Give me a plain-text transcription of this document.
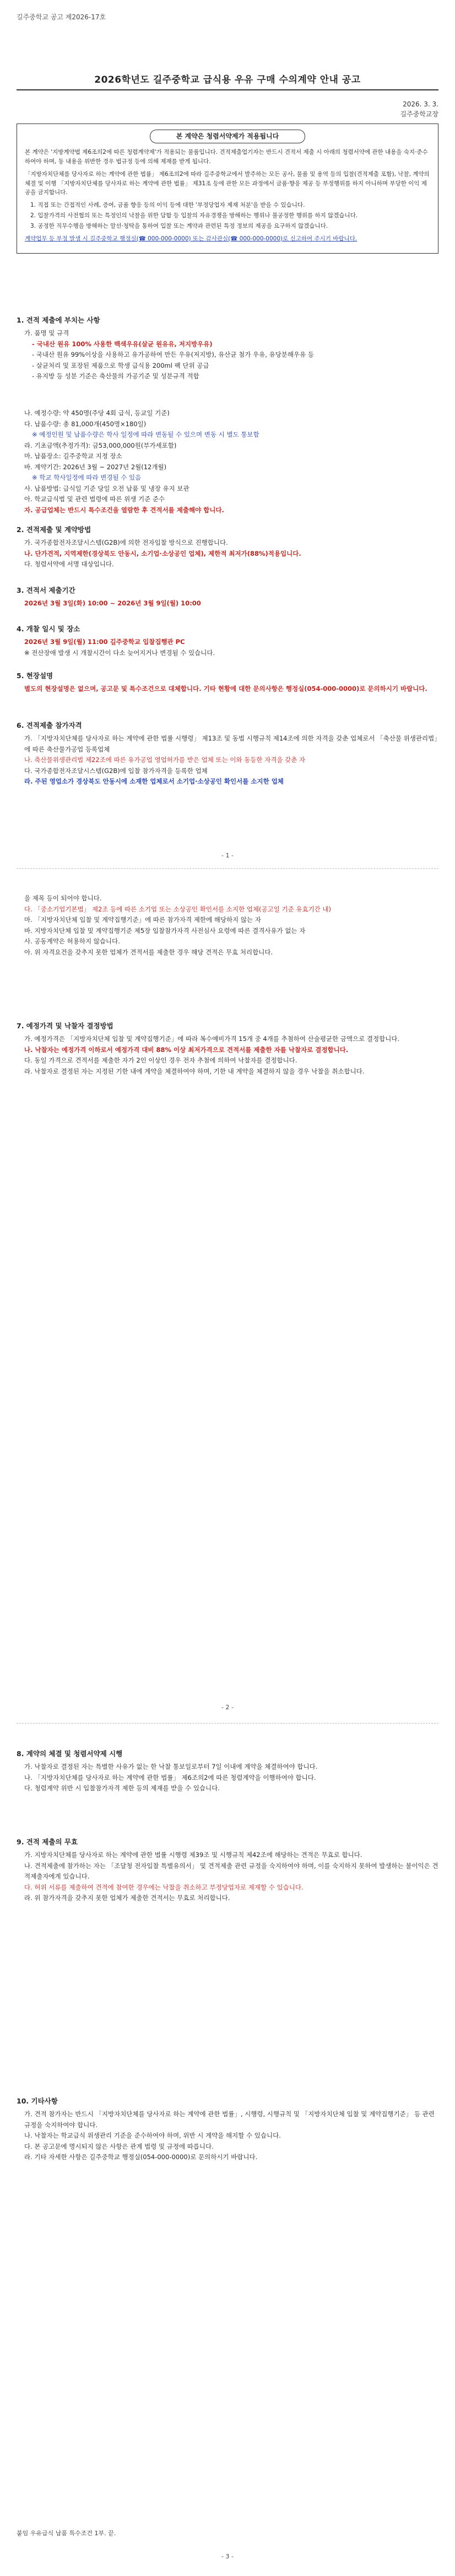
길주중학교 공고 제2026-17호
2026학년도 길주중학교 급식용 우유 구매 수의계약 안내 공고
2026. 3. 3.
길주중학교장
본 계약은 청렴서약제가 적용됩니다

본 계약은 '지방계약법 제6조의2에 따른 청렴계약제'가 적용되는 물품입니다. 견적제출업기자는 반드시 견적서 제출 시 아래의 청렴서약에 관한 내용을 숙지·준수하여야 하며, 동 내용을 위반한 경우 법규정 등에 의해 제재를 받게 됩니다.

「지방자치단체를 당사자로 하는 계약에 관한 법률」 제6조의2에 따라 길주중학교에서 발주하는 모든 공사, 물품 및 용역 등의 입찰(견적제출 포함), 낙찰, 계약의 체결 및 이행 「지방자치단체를 당사자로 하는 계약에 관한 법률」 제31조 등에 관한 모든 과정에서 금품·향응 제공 등 부정행위를 하지 아니하며 부당한 이익 제공을 금지합니다.

1. 직접 또는 간접적인 사례, 증여, 금품 향응 등의 이익 등에 대한 '부정당업자 제재 처분'을 받을 수 있습니다.
2. 입찰가격의 사전협의 또는 특정인의 낙찰을 위한 담합 등 입찰의 자유경쟁을 방해하는 행위나 불공정한 행위를 하지 않겠습니다.
3. 공정한 직무수행을 방해하는 알선·청탁을 통하여 입찰 또는 계약과 관련된 특정 정보의 제공을 요구하지 않겠습니다.

계약업무 등 부정 발생 시 길주중학교 행정실(☎ 000-000-0000) 또는 감사관실(☎ 000-000-0000)로 신고하여 주시기 바랍니다.

1. 견적 제출에 부치는 사항
가. 품명 및 규격
- 국내산 원유 100% 사용한 백색우유(살균 원유유, 저지방우유)
- 국내산 원유 99%이상을 사용하고 유가공하여 만든 우유(저지방), 유산균 첨가 우유, 유당분해우유 등
- 살균처리 및 포장된 제품으로 학생 급식용 200ml 팩 단위 공급
- 유지방 등 성분 기준은 축산물의 가공기준 및 성분규격 적합
나. 예정수량: 약 450명(주당 4회 급식, 등교일 기준)
다. 납품수량: 총 81,000개(450명×180일)
※ 예정인원 및 납품수량은 학사 일정에 따라 변동될 수 있으며 변동 시 별도 통보함
라. 기초금액(추정가격): 금53,000,000원(부가세포함)
마. 납품장소: 길주중학교 지정 장소
바. 계약기간: 2026년 3월 ~ 2027년 2월(12개월)
※ 학교 학사일정에 따라 변경될 수 있음
사. 납품방법: 급식일 기준 당일 오전 납품 및 냉장 유지 보관
아. 학교급식법 및 관련 법령에 따른 위생 기준 준수
자. 공급업체는 반드시 특수조건을 열람한 후 견적서를 제출해야 합니다.
2. 견적제출 및 계약방법
가. 국가종합전자조달시스템(G2B)에 의한 전자입찰 방식으로 진행합니다.
나. 단가견적, 지역제한(경상북도 안동시, 소기업·소상공인 업체), 제한적 최저가(88%)적용입니다.
다. 청렴서약에 서명 대상입니다.
3. 견적서 제출기간
2026년 3월 3일(화) 10:00 ~ 2026년 3월 9일(월) 10:00
4. 개찰 일시 및 장소
2026년 3월 9일(월) 11:00 길주중학교 입찰집행관 PC
※ 전산장애 발생 시 개찰시간이 다소 늦어지거나 변경될 수 있습니다.
5. 현장설명
별도의 현장설명은 없으며, 공고문 및 특수조건으로 대체합니다. 기타 현황에 대한 문의사항은 행정실(054-000-0000)로 문의하시기 바랍니다.
6. 견적제출 참가자격
가. 「지방자치단체를 당사자로 하는 계약에 관한 법률 시행령」 제13조 및 동법 시행규칙 제14조에 의한 자격을 갖춘 업체로서 「축산물 위생관리법」에 따른 축산물가공업 등록업체
나. 축산물위생관리법 제22조에 따른 유가공업 영업허가를 받은 업체 또는 이와 동등한 자격을 갖춘 자
다. 국가종합전자조달시스템(G2B)에 입찰 참가자격을 등록한 업체
라. 주된 영업소가 경상북도 안동시에 소재한 업체로서 소기업·소상공인 확인서를 소지한 업체
- 1 -
을 제목 등이 되어야 합니다.
다. 「중소기업기본법」 제2조 등에 따른 소기업 또는 소상공인 확인서를 소지한 업체(공고일 기준 유효기간 내)
마. 「지방자치단체 입찰 및 계약집행기준」에 따른 참가자격 제한에 해당하지 않는 자
바. 지방자치단체 입찰 및 계약집행기준 제5장 입찰참가자격 사전심사 요령에 따른 결격사유가 없는 자
사. 공동계약은 허용하지 않습니다.
아. 위 자격요건을 갖추지 못한 업체가 견적서를 제출한 경우 해당 견적은 무효 처리합니다.
7. 예정가격 및 낙찰자 결정방법
가. 예정가격은 「지방자치단체 입찰 및 계약집행기준」에 따라 복수예비가격 15개 중 4개를 추첨하여 산술평균한 금액으로 결정합니다.
나. 낙찰자는 예정가격 이하로서 예정가격 대비 88% 이상 최저가격으로 견적서를 제출한 자를 낙찰자로 결정합니다.
다. 동일 가격으로 견적서를 제출한 자가 2인 이상인 경우 전자 추첨에 의하여 낙찰자를 결정합니다.
라. 낙찰자로 결정된 자는 지정된 기한 내에 계약을 체결하여야 하며, 기한 내 계약을 체결하지 않을 경우 낙찰을 취소합니다.
- 2 -
8. 계약의 체결 및 청렴서약제 시행
가. 낙찰자로 결정된 자는 특별한 사유가 없는 한 낙찰 통보일로부터 7일 이내에 계약을 체결하여야 합니다.
나. 「지방자치단체를 당사자로 하는 계약에 관한 법률」 제6조의2에 따른 청렴계약을 이행하여야 합니다.
다. 청렴계약 위반 시 입찰참가자격 제한 등의 제재를 받을 수 있습니다.
9. 견적 제출의 무효
가. 지방자치단체를 당사자로 하는 계약에 관한 법률 시행령 제39조 및 시행규칙 제42조에 해당하는 견적은 무효로 합니다.
나. 견적제출에 참가하는 자는 「조달청 전자입찰 특별유의서」 및 견적제출 관련 규정을 숙지하여야 하며, 이를 숙지하지 못하여 발생하는 불이익은 견적제출자에게 있습니다.
다. 허위 서류를 제출하여 견적에 참여한 경우에는 낙찰을 취소하고 부정당업자로 제재할 수 있습니다.
라. 위 참가자격을 갖추지 못한 업체가 제출한 견적서는 무효로 처리합니다.
10. 기타사항
가. 견적 참가자는 반드시 「지방자치단체를 당사자로 하는 계약에 관한 법률」, 시행령, 시행규칙 및 「지방자치단체 입찰 및 계약집행기준」 등 관련 규정을 숙지하여야 합니다.
나. 낙찰자는 학교급식 위생관리 기준을 준수하여야 하며, 위반 시 계약을 해지할 수 있습니다.
다. 본 공고문에 명시되지 않은 사항은 관계 법령 및 규정에 따릅니다.
라. 기타 자세한 사항은 길주중학교 행정실(054-000-0000)로 문의하시기 바랍니다.
붙임 우유급식 납품 특수조건 1부. 끝.
- 3 -
